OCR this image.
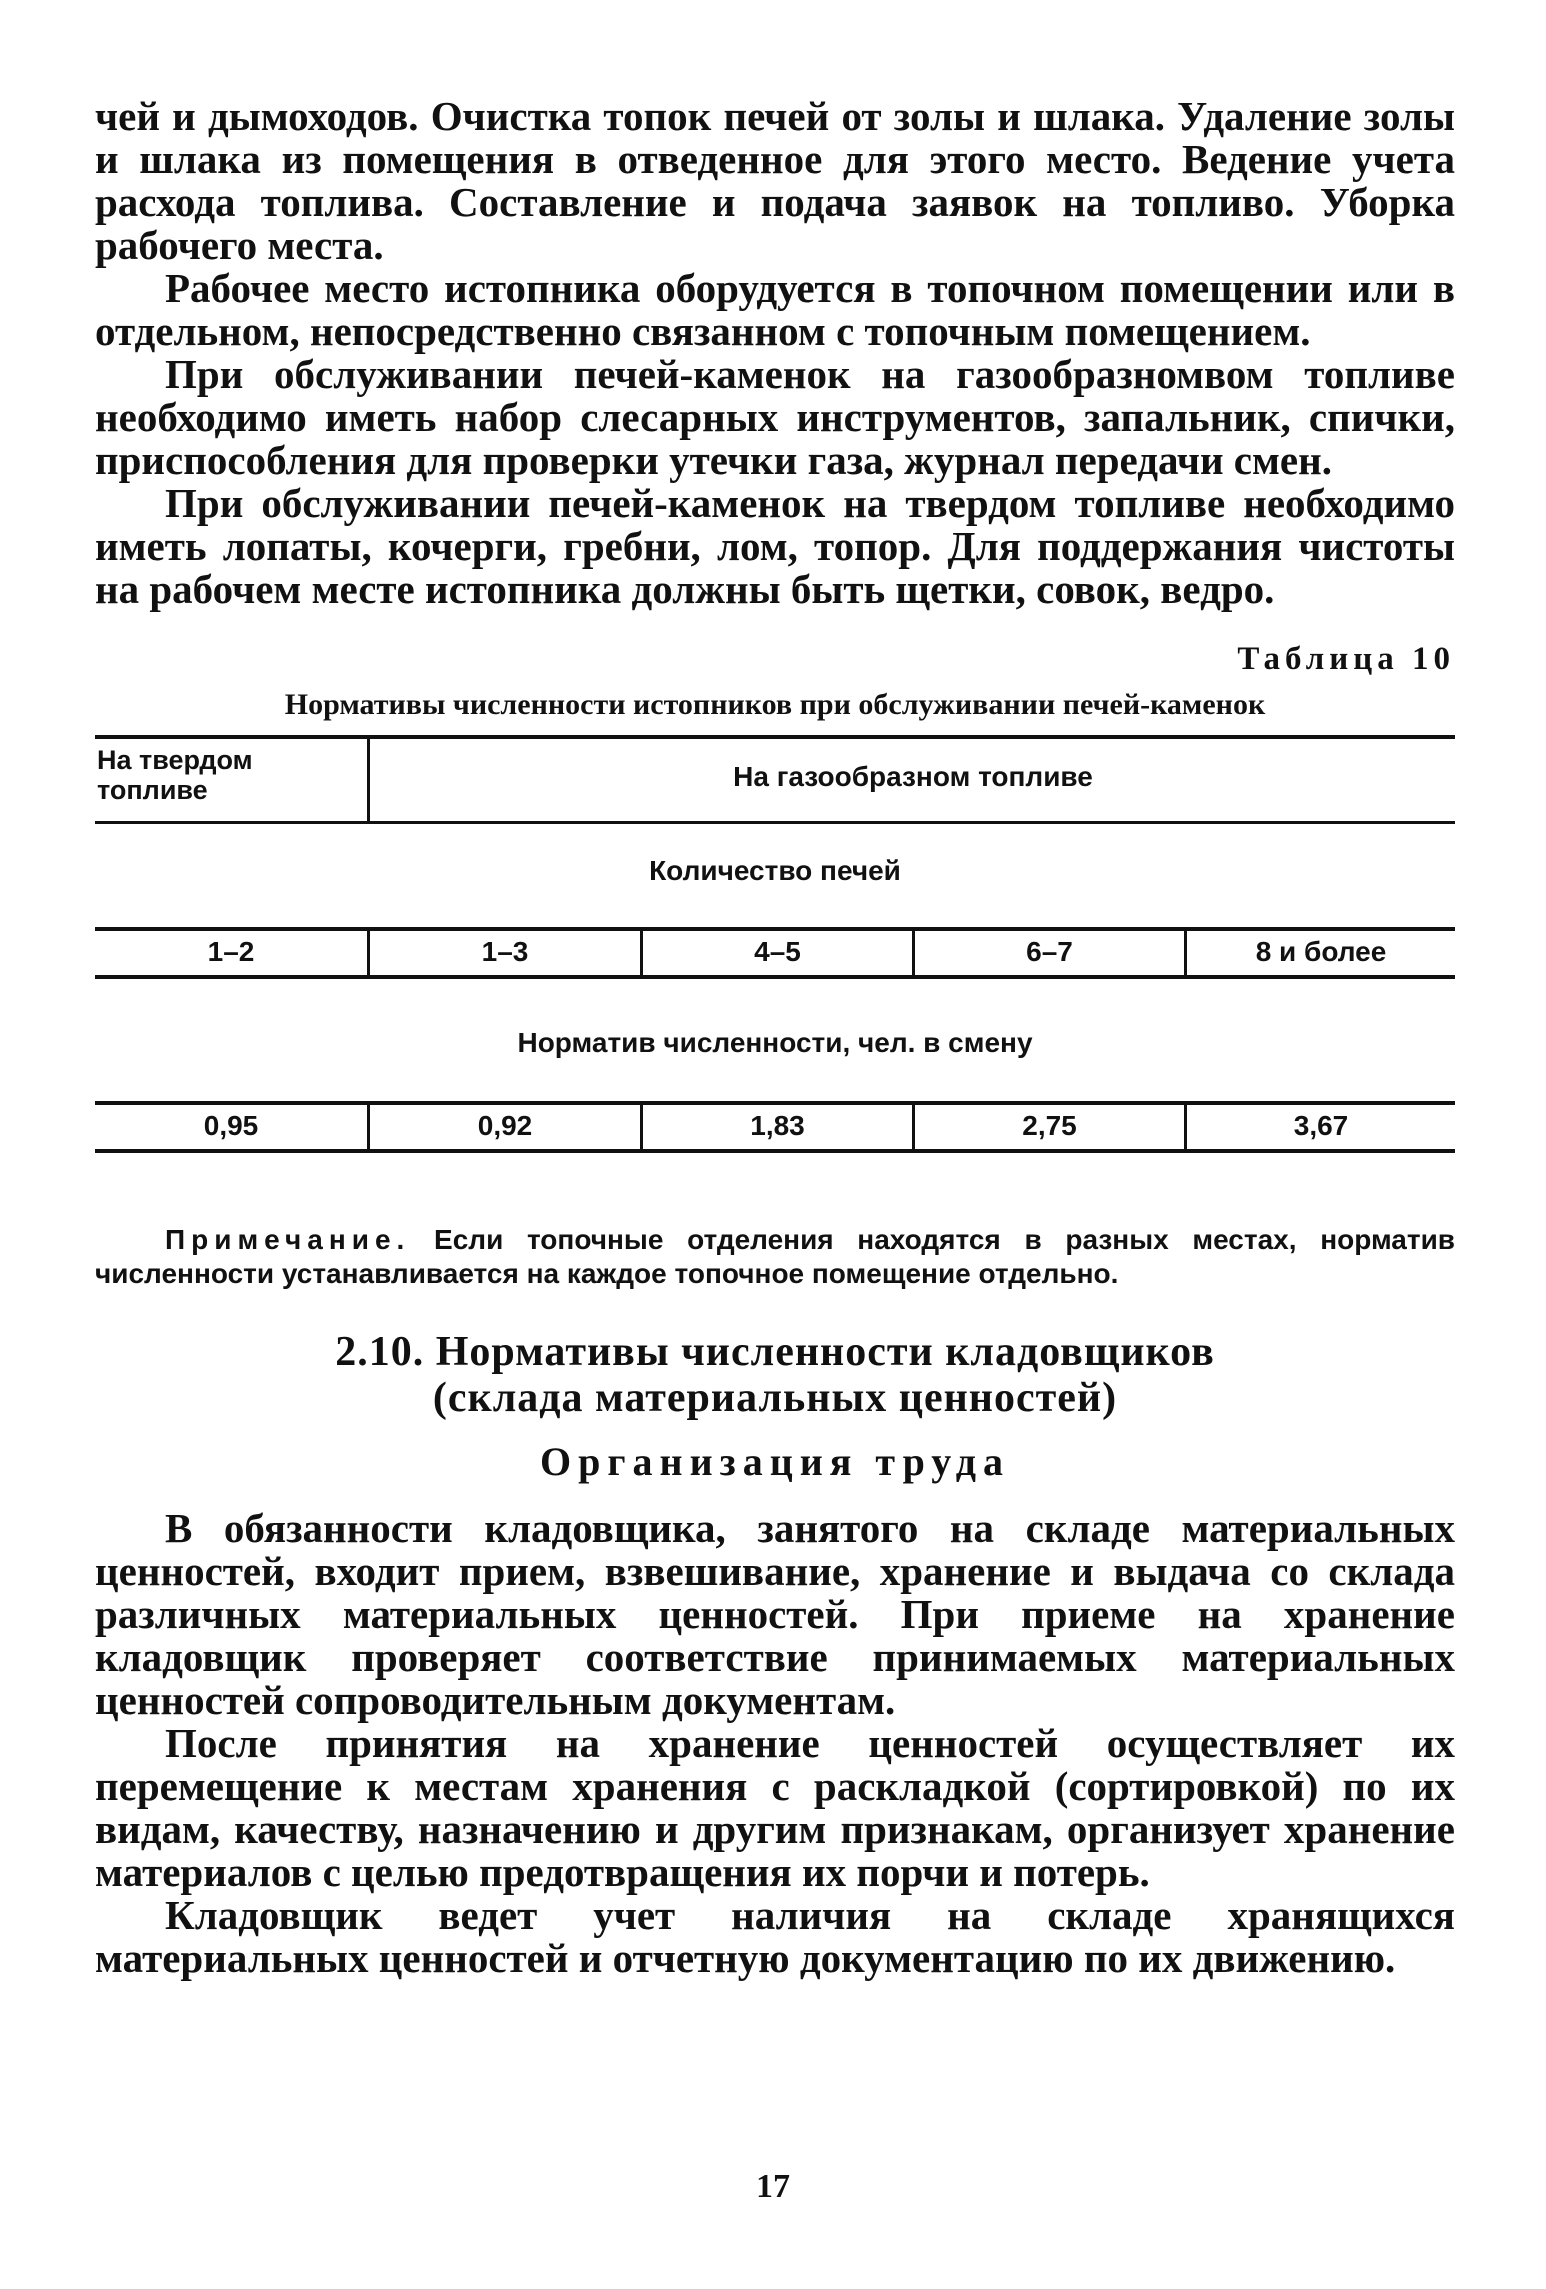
чей и дымоходов. Очистка топок печей от золы и шлака. Удаление золы и шлака из помещения в отведенное для этого место. Ведение учета расхода топлива. Составление и подача заявок на топливо. Уборка рабочего места.

Рабочее место истопника оборудуется в топочном помещении или в отдельном, непосредственно связанном с топочным помещением.

При обслуживании печей-каменок на газообразномвом топливе необходимо иметь набор слесарных инструментов, запальник, спички, приспособления для проверки утечки газа, журнал передачи смен.

При обслуживании печей-каменок на твердом топливе необходимо иметь лопаты, кочерги, гребни, лом, топор. Для поддержания чистоты на рабочем месте истопника должны быть щетки, совок, ведро.

Таблица 10
Нормативы численности истопников при обслуживании печей-каменок
На твердом топливе	На газообразном топливе
Количество печей
1–2	1–3	4–5	6–7	8 и более
Норматив численности, чел. в смену
0,95	0,92	1,83	2,75	3,67

Примечание. Если топочные отделения находятся в разных местах, норматив численности устанавливается на каждое топочное помещение отдельно.

2.10. Нормативы численности кладовщиков
(склада материальных ценностей)
Организация труда

В обязанности кладовщика, занятого на складе материальных ценностей, входит прием, взвешивание, хранение и выдача со склада различных материальных ценностей. При приеме на хранение кладовщик проверяет соответствие принимаемых материальных ценностей сопроводительным документам.

После принятия на хранение ценностей осуществляет их перемещение к местам хранения с раскладкой (сортировкой) по их видам, качеству, назначению и другим признакам, организует хранение материалов с целью предотвращения их порчи и потерь.

Кладовщик ведет учет наличия на складе хранящихся материальных ценностей и отчетную документацию по их движению.

17
